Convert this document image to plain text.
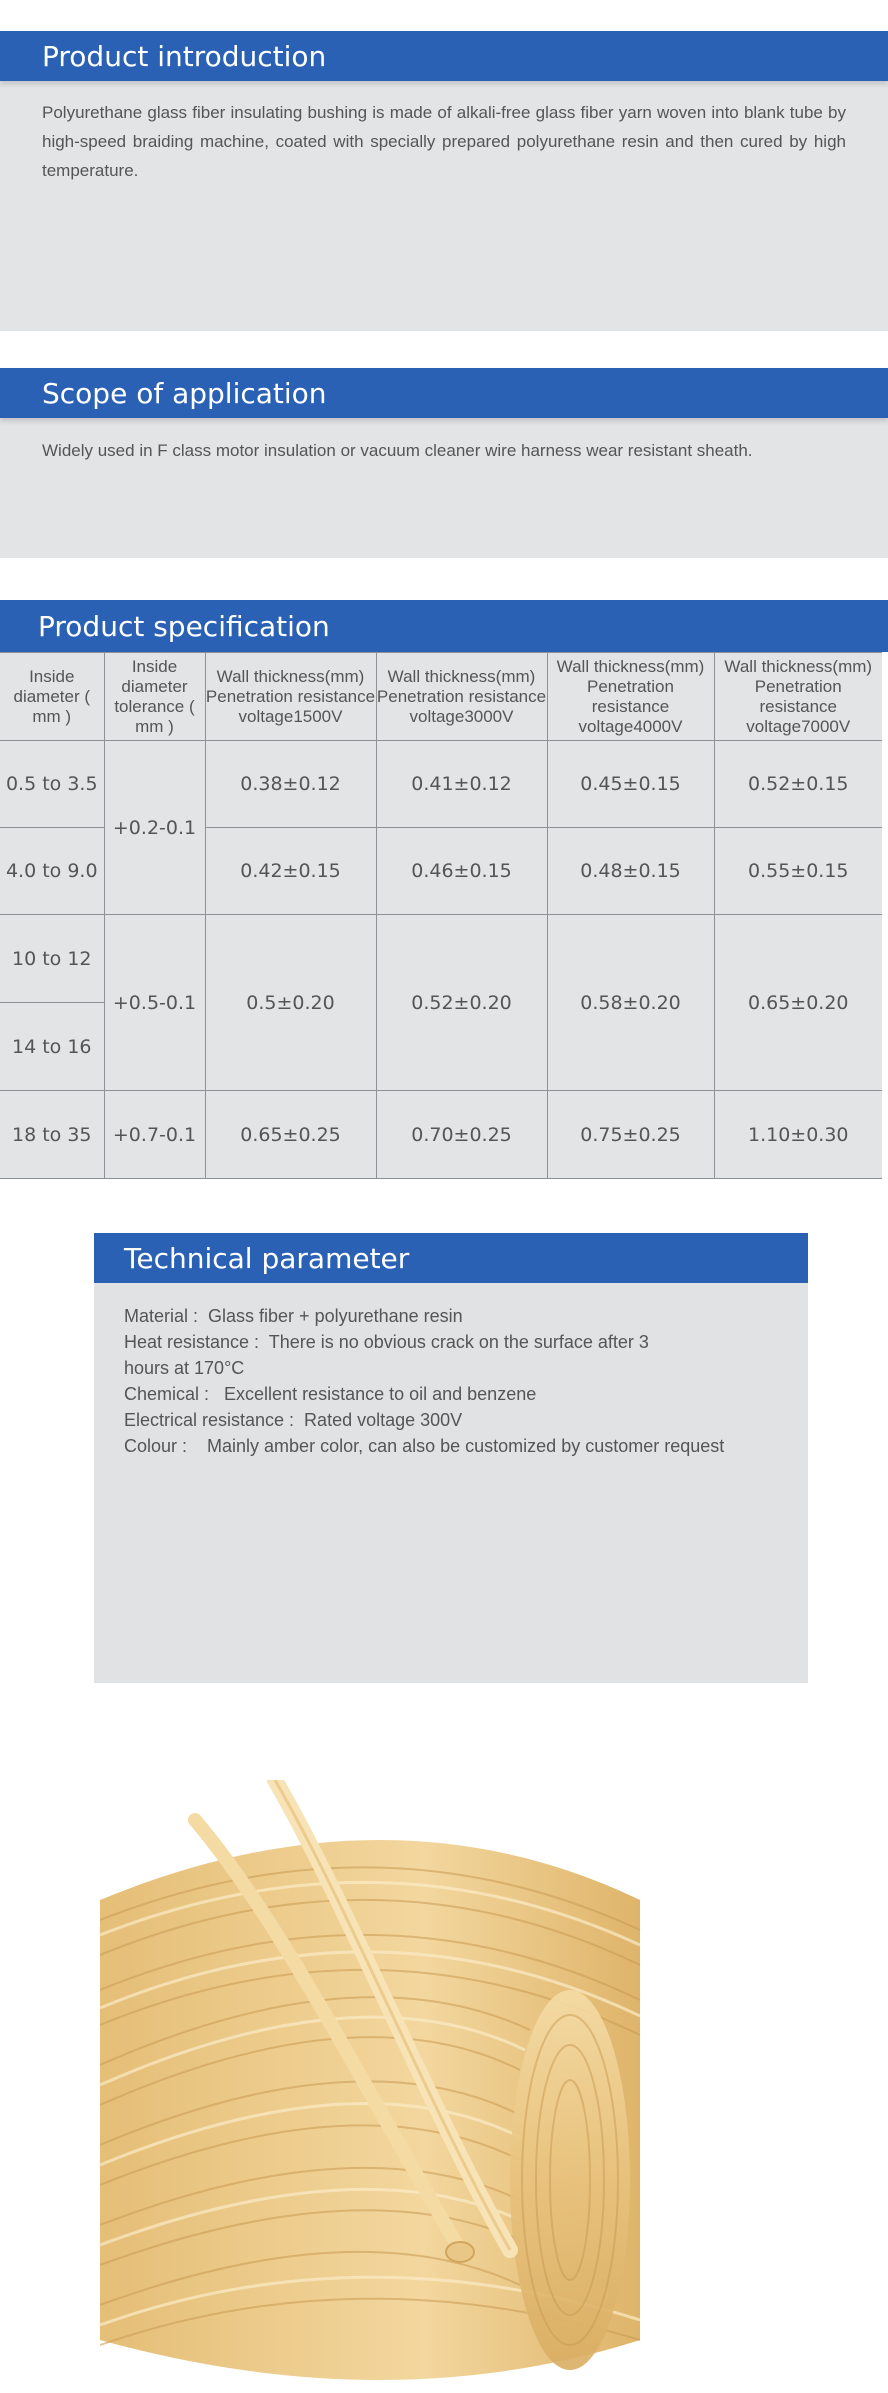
Product introduction
Polyurethane glass fiber insulating bushing is made of alkali-free glass fiber yarn woven into blank tube by high-speed braiding machine, coated with specially prepared polyurethane resin and then cured by high temperature.
Scope of application
Widely used in F class motor insulation or vacuum cleaner wire harness wear resistant sheath.
Product specification
Inside diameter ( mm )	Inside diameter tolerance ( mm )	Wall thickness(mm) Penetration resistance voltage1500V	Wall thickness(mm) Penetration resistance voltage3000V	Wall thickness(mm) Penetration resistance voltage4000V	Wall thickness(mm) Penetration resistance voltage7000V
0.5 to 3.5	+0.2-0.1	0.38±0.12	0.41±0.12	0.45±0.15	0.52±0.15
4.0 to 9.0		0.42±0.15	0.46±0.15	0.48±0.15	0.55±0.15
10 to 12	+0.5-0.1	0.5±0.20	0.52±0.20	0.58±0.20	0.65±0.20
14 to 16					
18 to 35	+0.7-0.1	0.65±0.25	0.70±0.25	0.75±0.25	1.10±0.30
Technical parameter
Material :  Glass fiber + polyurethane resin
Heat resistance :  There is no obvious crack on the surface after 3
hours at 170°C
Chemical :   Excellent resistance to oil and benzene
Electrical resistance :  Rated voltage 300V
Colour :    Mainly amber color, can also be customized by customer request
